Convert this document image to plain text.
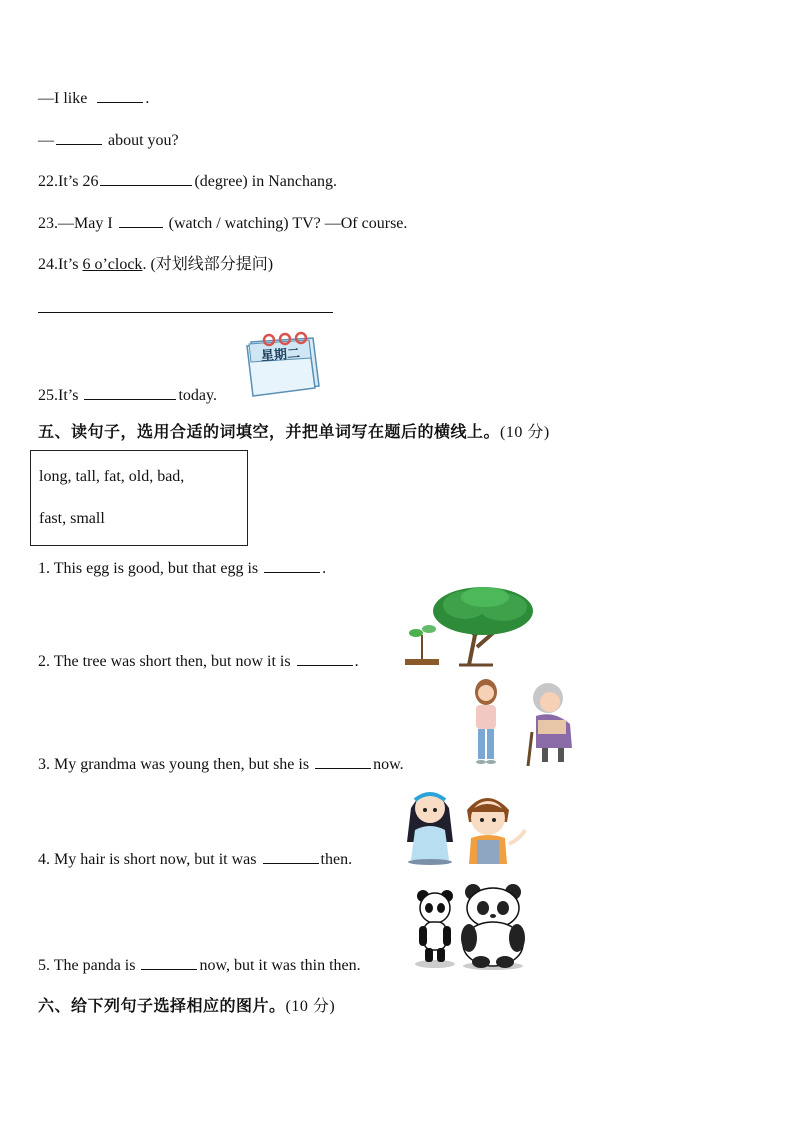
—I like	.
—	about you?
22.It’s 26	(degree) in Nanchang.
23.—May I	(watch / watching) TV? —Of course.
24.It’s 6 o’clock. (对划线部分提问)
星期二
25.It’s	today.
五、读句子，选用合适的词填空，并把单词写在题后的横线上。(10 分)
long, tall, fat, old, bad,
fast, small
1. This egg is good, but that egg is	.
2. The tree was short then, but now it is	.
3. My grandma was young then, but she is	now.
4. My hair is short now, but it was	then.
5. The panda is	now, but it was thin then.
六、给下列句子选择相应的图片。(10 分)
